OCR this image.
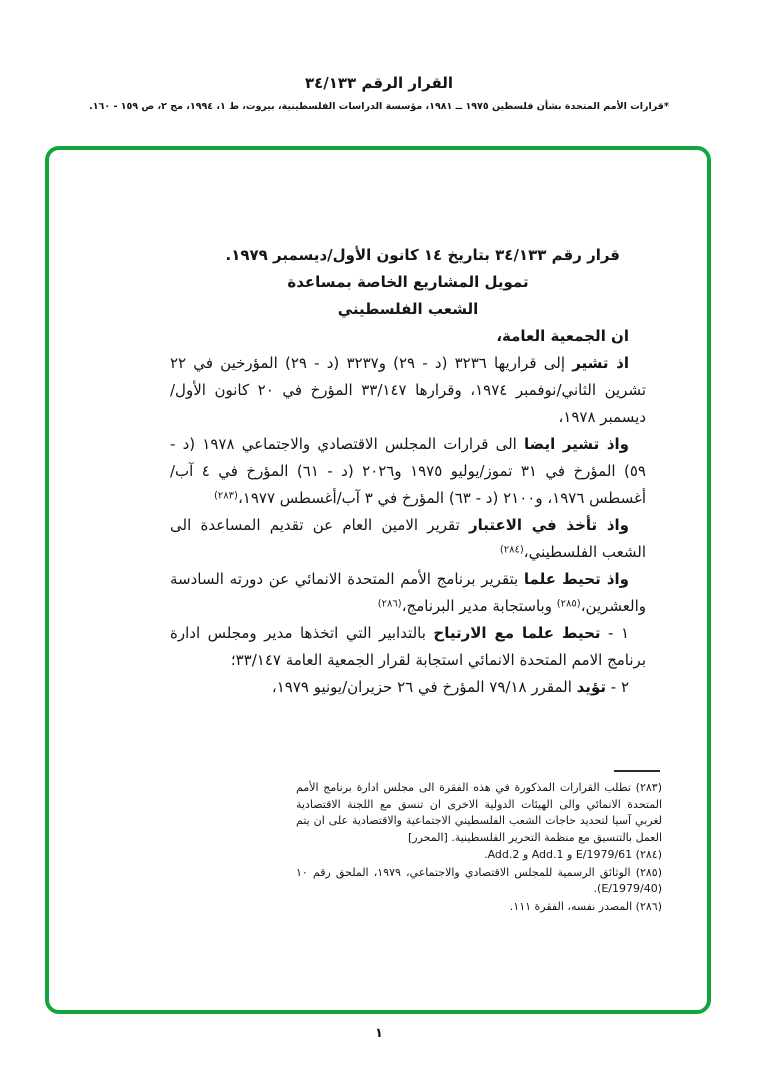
القرار الرقم ٣٤/١٣٣
*قرارات الأمم المتحدة بشأن فلسطين ١٩٧٥ ــ ١٩٨١، مؤسسة الدراسات الفلسطينية، بيروت، ط ١، ١٩٩٤، مج ٢، ص ١٥٩ - ١٦٠.
قرار رقم ٣٤/١٣٣ بتاريخ ١٤ كانون الأول/ديسمبر ١٩٧٩.
تمويل المشاريع الخاصة بمساعدة
الشعب الفلسطيني

ان الجمعية العامة،

اذ تشير إلى قراريها ٣٢٣٦ (د - ٢٩) و٣٢٣٧ (د - ٢٩) المؤرخين في ٢٢ تشرين الثاني/نوفمبر ١٩٧٤، وقرارها ٣٣/١٤٧ المؤرخ في ٢٠ كانون الأول/ديسمبر ١٩٧٨،

واذ تشير ايضا الى قرارات المجلس الاقتصادي والاجتماعي ١٩٧٨ (د - ٥٩) المؤرخ في ٣١ تموز/يوليو ١٩٧٥ و٢٠٢٦ (د - ٦١) المؤرخ في ٤ آب/أغسطس ١٩٧٦، و٢١٠٠ (د - ٦٣) المؤرخ في ٣ آب/أغسطس ١٩٧٧،$^{(٢٨٣)}$

واذ تأخذ في الاعتبار تقرير الامين العام عن تقديم المساعدة الى الشعب الفلسطيني،$^{(٢٨٤)}$

واذ تحيط علما بتقرير برنامج الأمم المتحدة الانمائي عن دورته السادسة والعشرين،$^{(٢٨٥)}$ وباستجابة مدير البرنامج،$^{(٢٨٦)}$

١ - تحيط علما مع الارتياح بالتدابير التي اتخذها مدير ومجلس ادارة برنامج الامم المتحدة الانمائي استجابة لقرار الجمعية العامة ٣٣/١٤٧؛

٢ - تؤيد المقرر ٧٩/١٨ المؤرخ في ٢٦ حزيران/يونيو ١٩٧٩،

(٢٨٣) تطلب القرارات المذكورة في هذه الفقرة الى مجلس ادارة برنامج الأمم المتحدة الانمائي والى الهيئات الدولية الاخرى ان تنسق مع اللجنة الاقتصادية لغربي آسيا لتحديد حاجات الشعب الفلسطيني الاجتماعية والاقتصادية على ان يتم العمل بالتنسيق مع منظمة التحرير الفلسطينية. [المحرر]

(٢٨٤) E/1979/61 و Add.1 و Add.2.

(٢٨٥) الوثائق الرسمية للمجلس الاقتصادي والاجتماعي، ١٩٧٩، الملحق رقم ١٠ (E/1979/40).

(٢٨٦) المصدر نفسه، الفقرة ١١١.

١
